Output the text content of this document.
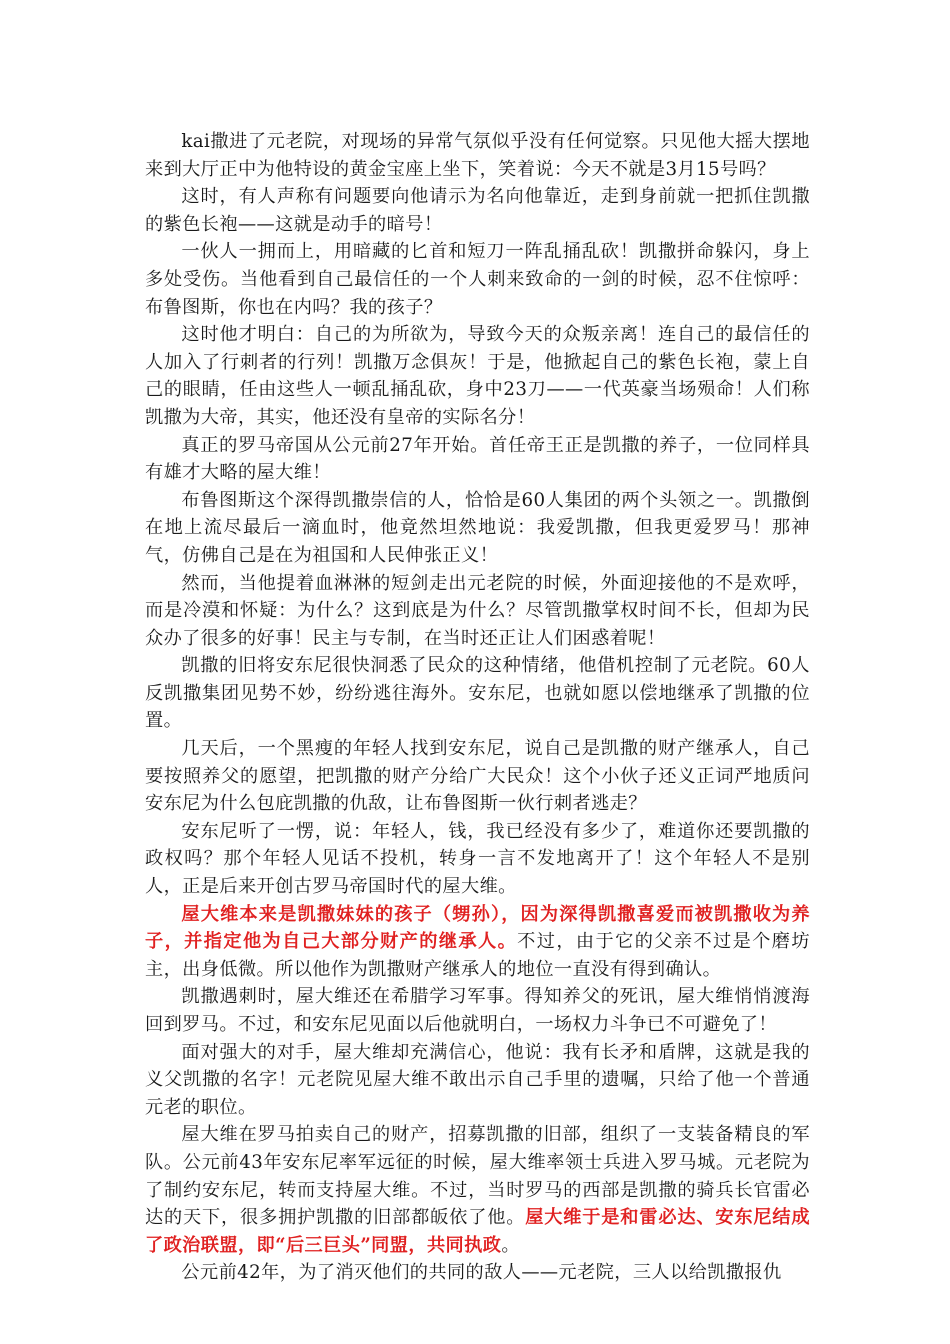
kai撒进了元老院，对现场的异常气氛似乎没有任何觉察。只见他大摇大摆地来到大厅正中为他特设的黄金宝座上坐下，笑着说：今天不就是3月15号吗？

这时，有人声称有问题要向他请示为名向他靠近，走到身前就一把抓住凯撒的紫色长袍——这就是动手的暗号！

一伙人一拥而上，用暗藏的匕首和短刀一阵乱捅乱砍！凯撒拼命躲闪，身上多处受伤。当他看到自己最信任的一个人刺来致命的一剑的时候，忍不住惊呼：布鲁图斯，你也在内吗？我的孩子？

这时他才明白：自己的为所欲为，导致今天的众叛亲离！连自己的最信任的人加入了行刺者的行列！凯撒万念俱灰！于是，他掀起自己的紫色长袍，蒙上自己的眼睛，任由这些人一顿乱捅乱砍，身中23刀——一代英豪当场殒命！人们称凯撒为大帝，其实，他还没有皇帝的实际名分！

真正的罗马帝国从公元前27年开始。首任帝王正是凯撒的养子，一位同样具有雄才大略的屋大维！

布鲁图斯这个深得凯撒崇信的人，恰恰是60人集团的两个头领之一。凯撒倒在地上流尽最后一滴血时，他竟然坦然地说：我爱凯撒，但我更爱罗马！那神气，仿佛自己是在为祖国和人民伸张正义！

然而，当他提着血淋淋的短剑走出元老院的时候，外面迎接他的不是欢呼，而是冷漠和怀疑：为什么？这到底是为什么？尽管凯撒掌权时间不长，但却为民众办了很多的好事！民主与专制，在当时还正让人们困惑着呢！

凯撒的旧将安东尼很快洞悉了民众的这种情绪，他借机控制了元老院。60人反凯撒集团见势不妙，纷纷逃往海外。安东尼，也就如愿以偿地继承了凯撒的位置。

几天后，一个黑瘦的年轻人找到安东尼，说自己是凯撒的财产继承人，自己要按照养父的愿望，把凯撒的财产分给广大民众！这个小伙子还义正词严地质问安东尼为什么包庇凯撒的仇敌，让布鲁图斯一伙行刺者逃走？

安东尼听了一愣，说：年轻人，钱，我已经没有多少了，难道你还要凯撒的政权吗？那个年轻人见话不投机，转身一言不发地离开了！这个年轻人不是别人，正是后来开创古罗马帝国时代的屋大维。

屋大维本来是凯撒妹妹的孩子（甥孙），因为深得凯撒喜爱而被凯撒收为养子，并指定他为自己大部分财产的继承人。不过，由于它的父亲不过是个磨坊主，出身低微。所以他作为凯撒财产继承人的地位一直没有得到确认。

凯撒遇刺时，屋大维还在希腊学习军事。得知养父的死讯，屋大维悄悄渡海回到罗马。不过，和安东尼见面以后他就明白，一场权力斗争已不可避免了！

面对强大的对手，屋大维却充满信心，他说：我有长矛和盾牌，这就是我的义父凯撒的名字！元老院见屋大维不敢出示自己手里的遗嘱，只给了他一个普通元老的职位。

屋大维在罗马拍卖自己的财产，招募凯撒的旧部，组织了一支装备精良的军队。公元前43年安东尼率军远征的时候，屋大维率领士兵进入罗马城。元老院为了制约安东尼，转而支持屋大维。不过，当时罗马的西部是凯撒的骑兵长官雷必达的天下，很多拥护凯撒的旧部都皈依了他。屋大维于是和雷必达、安东尼结成了政治联盟，即“后三巨头”同盟，共同执政。

公元前42年，为了消灭他们的共同的敌人——元老院，三人以给凯撒报仇
